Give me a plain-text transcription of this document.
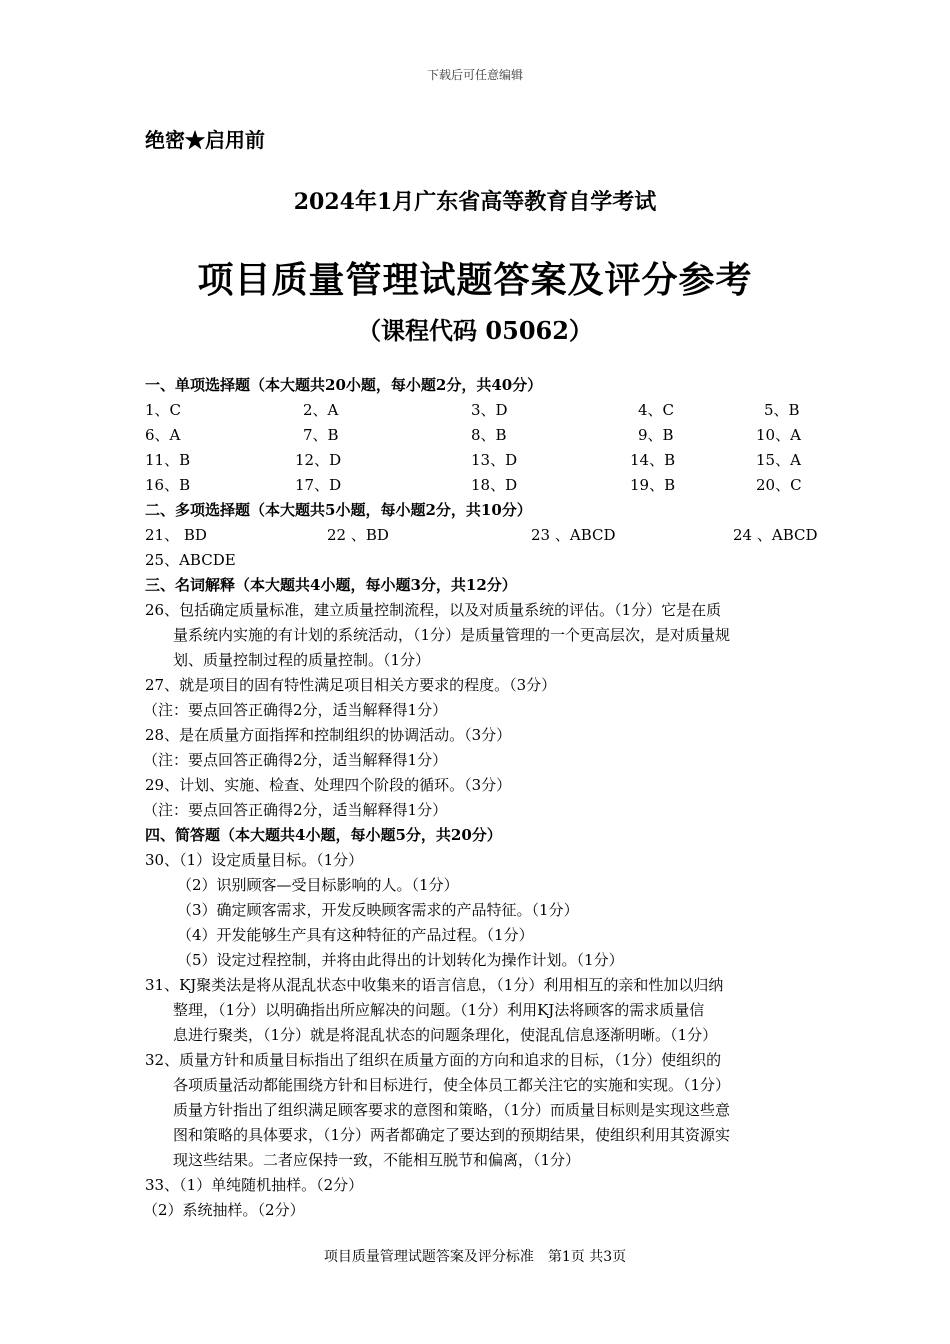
下载后可任意编辑
绝密★启用前
2024年1月广东省高等教育自学考试
项目质量管理试题答案及评分参考
（课程代码 05062）
一、单项选择题（本大题共20小题，每小题2分，共40分）
1、C	2、A	3、D	4、C	5、B
6、A	7、B	8、B	9、B	10、A
11、B	12、D	13、D	14、B	15、A
16、B	17、D	18、D	19、B	20、C
二、多项选择题（本大题共5小题，每小题2分，共10分）
21、 BD	22 、BD	23 、ABCD	24 、ABCD
25、ABCDE
三、名词解释（本大题共4小题，每小题3分，共12分）
26、包括确定质量标准，建立质量控制流程，以及对质量系统的评估。（1分）它是在质
量系统内实施的有计划的系统活动，（1分）是质量管理的一个更高层次，是对质量规
划、质量控制过程的质量控制。（1分）
27、就是项目的固有特性满足项目相关方要求的程度。（3分）
（注：要点回答正确得2分，适当解释得1分）
28、是在质量方面指挥和控制组织的协调活动。（3分）
（注：要点回答正确得2分，适当解释得1分）
29、计划、实施、检查、处理四个阶段的循环。（3分）
（注：要点回答正确得2分，适当解释得1分）
四、简答题（本大题共4小题，每小题5分，共20分）
30、（1）设定质量目标。（1分）
（2）识别顾客—受目标影响的人。（1分）
（3）确定顾客需求，开发反映顾客需求的产品特征。（1分）
（4）开发能够生产具有这种特征的产品过程。（1分）
（5）设定过程控制，并将由此得出的计划转化为操作计划。（1分）
31、KJ聚类法是将从混乱状态中收集来的语言信息，（1分）利用相互的亲和性加以归纳
整理，（1分）以明确指出所应解决的问题。（1分）利用KJ法将顾客的需求质量信
息进行聚类，（1分）就是将混乱状态的问题条理化，使混乱信息逐渐明晰。（1分）
32、质量方针和质量目标指出了组织在质量方面的方向和追求的目标，（1分）使组织的
各项质量活动都能围绕方针和目标进行，使全体员工都关注它的实施和实现。（1分）
质量方针指出了组织满足顾客要求的意图和策略，（1分）而质量目标则是实现这些意
图和策略的具体要求，（1分）两者都确定了要达到的预期结果，使组织利用其资源实
现这些结果。二者应保持一致，不能相互脱节和偏离，（1分）
33、（1）单纯随机抽样。（2分）
（2）系统抽样。（2分）
项目质量管理试题答案及评分标准　第1页 共3页
